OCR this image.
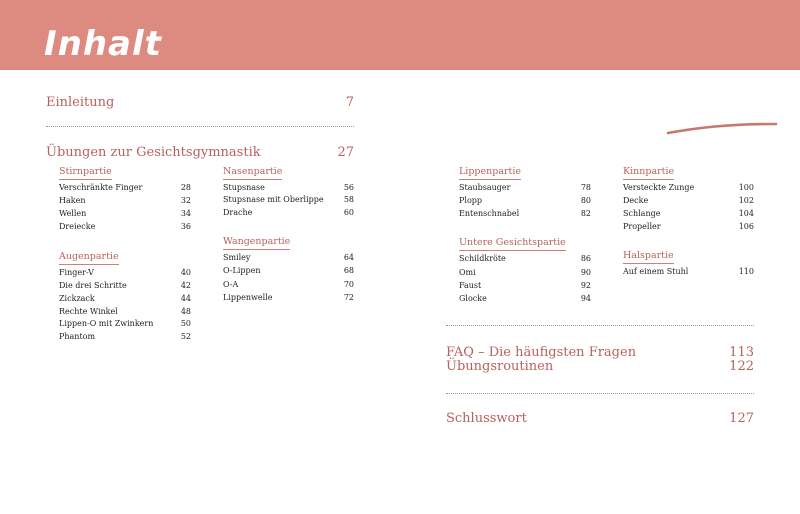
Inhalt
Einleitung	7
Übungen zur Gesichtsgymnastik	27
Stirnpartie
Verschränkte Finger	28
Haken	32
Wellen	34
Dreiecke	36
Augenpartie
Finger-V	40
Die drei Schritte	42
Zickzack	44
Rechte Winkel	48
Lippen-O mit Zwinkern	50
Phantom	52
Nasenpartie
Stupsnase	56
Stupsnase mit Oberlippe	58
Drache	60
Wangenpartie
Smiley	64
O-Lippen	68
O-A	70
Lippenwelle	72
Lippenpartie
Staubsauger	78
Plopp	80
Entenschnabel	82
Untere Gesichtspartie
Schildkröte	86
Omi	90
Faust	92
Glocke	94
Kinnpartie
Versteckte Zunge	100
Decke	102
Schlange	104
Propeller	106
Halspartie
Auf einem Stuhl	110
FAQ – Die häufigsten Fragen	113
Übungsroutinen	122
Schlusswort	127
